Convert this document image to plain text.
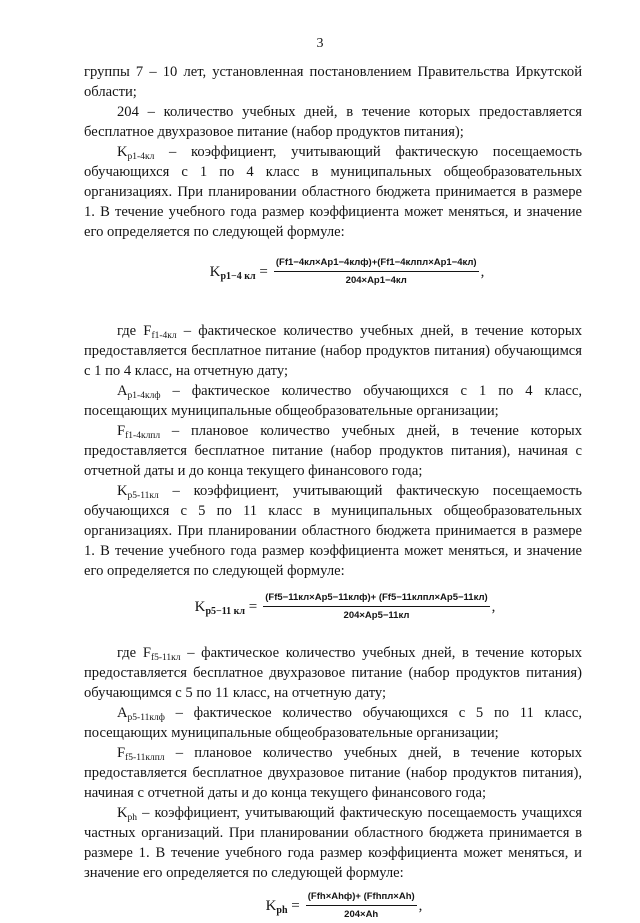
3

группы 7 – 10 лет, установленная постановлением Правительства Иркутской области;

204 – количество учебных дней, в течение которых предоставляется бесплатное двухразовое питание (набор продуктов питания);

$K_{p1-4кл}$ – коэффициент, учитывающий фактическую посещаемость обучающихся с 1 по 4 класс в муниципальных общеобразовательных организациях. При планировании областного бюджета принимается в размере 1. В течение учебного года размер коэффициента может меняться, и значение его определяется по следующей формуле:

$K_{p1-4 кл} = \frac{\text{(Ff1−4кл×Ap1−4клф)+(Ff1−4клпл×Ap1−4кл)}}{204\times Ap1-4кл}$ ,

где $F_{f1-4кл}$ – фактическое количество учебных дней, в течение которых предоставляется бесплатное питание (набор продуктов питания) обучающимся с 1 по 4 класс, на отчетную дату;

$A_{p1-4клф}$ – фактическое количество обучающихся с 1 по 4 класс, посещающих муниципальные общеобразовательные организации;

$F_{f1-4клпл}$ – плановое количество учебных дней, в течение которых предоставляется бесплатное питание (набор продуктов питания), начиная с отчетной даты и до конца текущего финансового года;

$K_{p5-11кл}$ – коэффициент, учитывающий фактическую посещаемость обучающихся с 5 по 11 класс в муниципальных общеобразовательных организациях. При планировании областного бюджета принимается в размере 1. В течение учебного года размер коэффициента может меняться, и значение его определяется по следующей формуле:

$K_{p5-11 кл} = \frac{\text{(Ff5−11кл×Ap5−11клф)+ (Ff5−11клпл×Ap5−11кл)}}{204\times Ap5-11кл}$ ,

где $F_{f5-11кл}$ – фактическое количество учебных дней, в течение которых предоставляется бесплатное двухразовое питание (набор продуктов питания) обучающимся с 5 по 11 класс, на отчетную дату;

$A_{p5-11клф}$ – фактическое количество обучающихся с 5 по 11 класс, посещающих муниципальные общеобразовательные организации;

$F_{f5-11клпл}$ – плановое количество учебных дней, в течение которых предоставляется бесплатное двухразовое питание (набор продуктов питания), начиная с отчетной даты и до конца текущего финансового года;

$K_{ph}$ – коэффициент, учитывающий фактическую посещаемость учащихся частных организаций. При планировании областного бюджета принимается в размере 1. В течение учебного года размер коэффициента может меняться, и значение его определяется по следующей формуле:

$K_{ph} = \frac{\text{(Ffh×Ahф)+ (Ffhпл×Ah)}}{204\times Ah}$ ,
